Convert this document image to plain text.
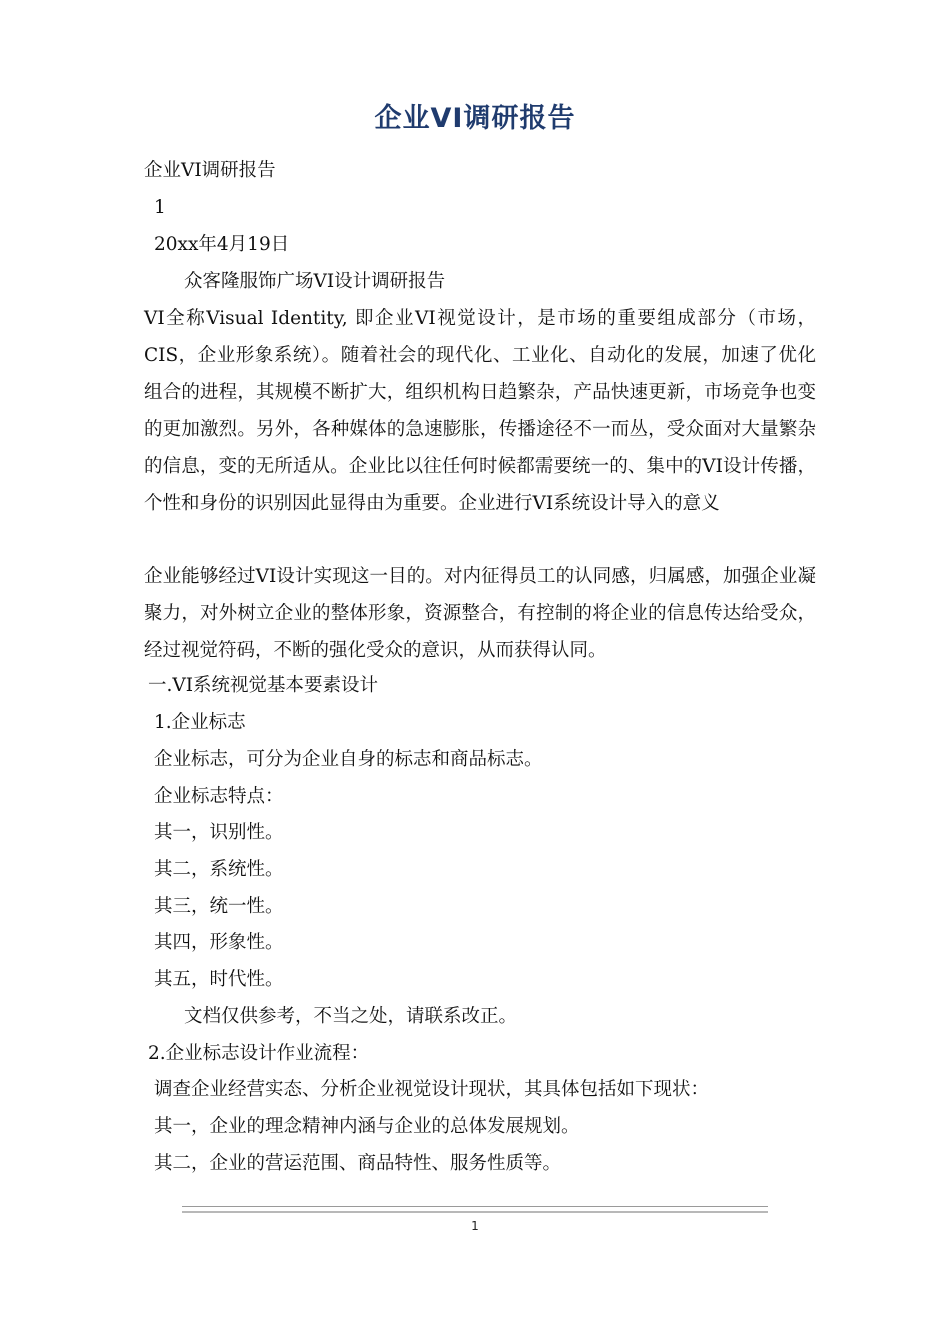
企业VI调研报告
企业VI调研报告
1
20xx年4月19日
众客隆服饰广场VI设计调研报告
VI全称Visual Identity, 即企业VI视觉设计，是市场的重要组成部分（市场，CIS，企业形象系统）。随着社会的现代化、工业化、自动化的发展，加速了优化组合的进程，其规模不断扩大，组织机构日趋繁杂，产品快速更新，市场竞争也变的更加激烈。另外，各种媒体的急速膨胀，传播途径不一而丛，受众面对大量繁杂的信息，变的无所适从。企业比以往任何时候都需要统一的、集中的VI设计传播，个性和身份的识别因此显得由为重要。企业进行VI系统设计导入的意义
企业能够经过VI设计实现这一目的。对内征得员工的认同感，归属感，加强企业凝聚力，对外树立企业的整体形象，资源整合，有控制的将企业的信息传达给受众，经过视觉符码，不断的强化受众的意识，从而获得认同。
一.VI系统视觉基本要素设计
1.企业标志
企业标志，可分为企业自身的标志和商品标志。
企业标志特点：
其一，识别性。
其二，系统性。
其三，统一性。
其四，形象性。
其五，时代性。
文档仅供参考，不当之处，请联系改正。
2.企业标志设计作业流程：
调查企业经营实态、分析企业视觉设计现状，其具体包括如下现状：
其一，企业的理念精神内涵与企业的总体发展规划。
其二，企业的营运范围、商品特性、服务性质等。
1
